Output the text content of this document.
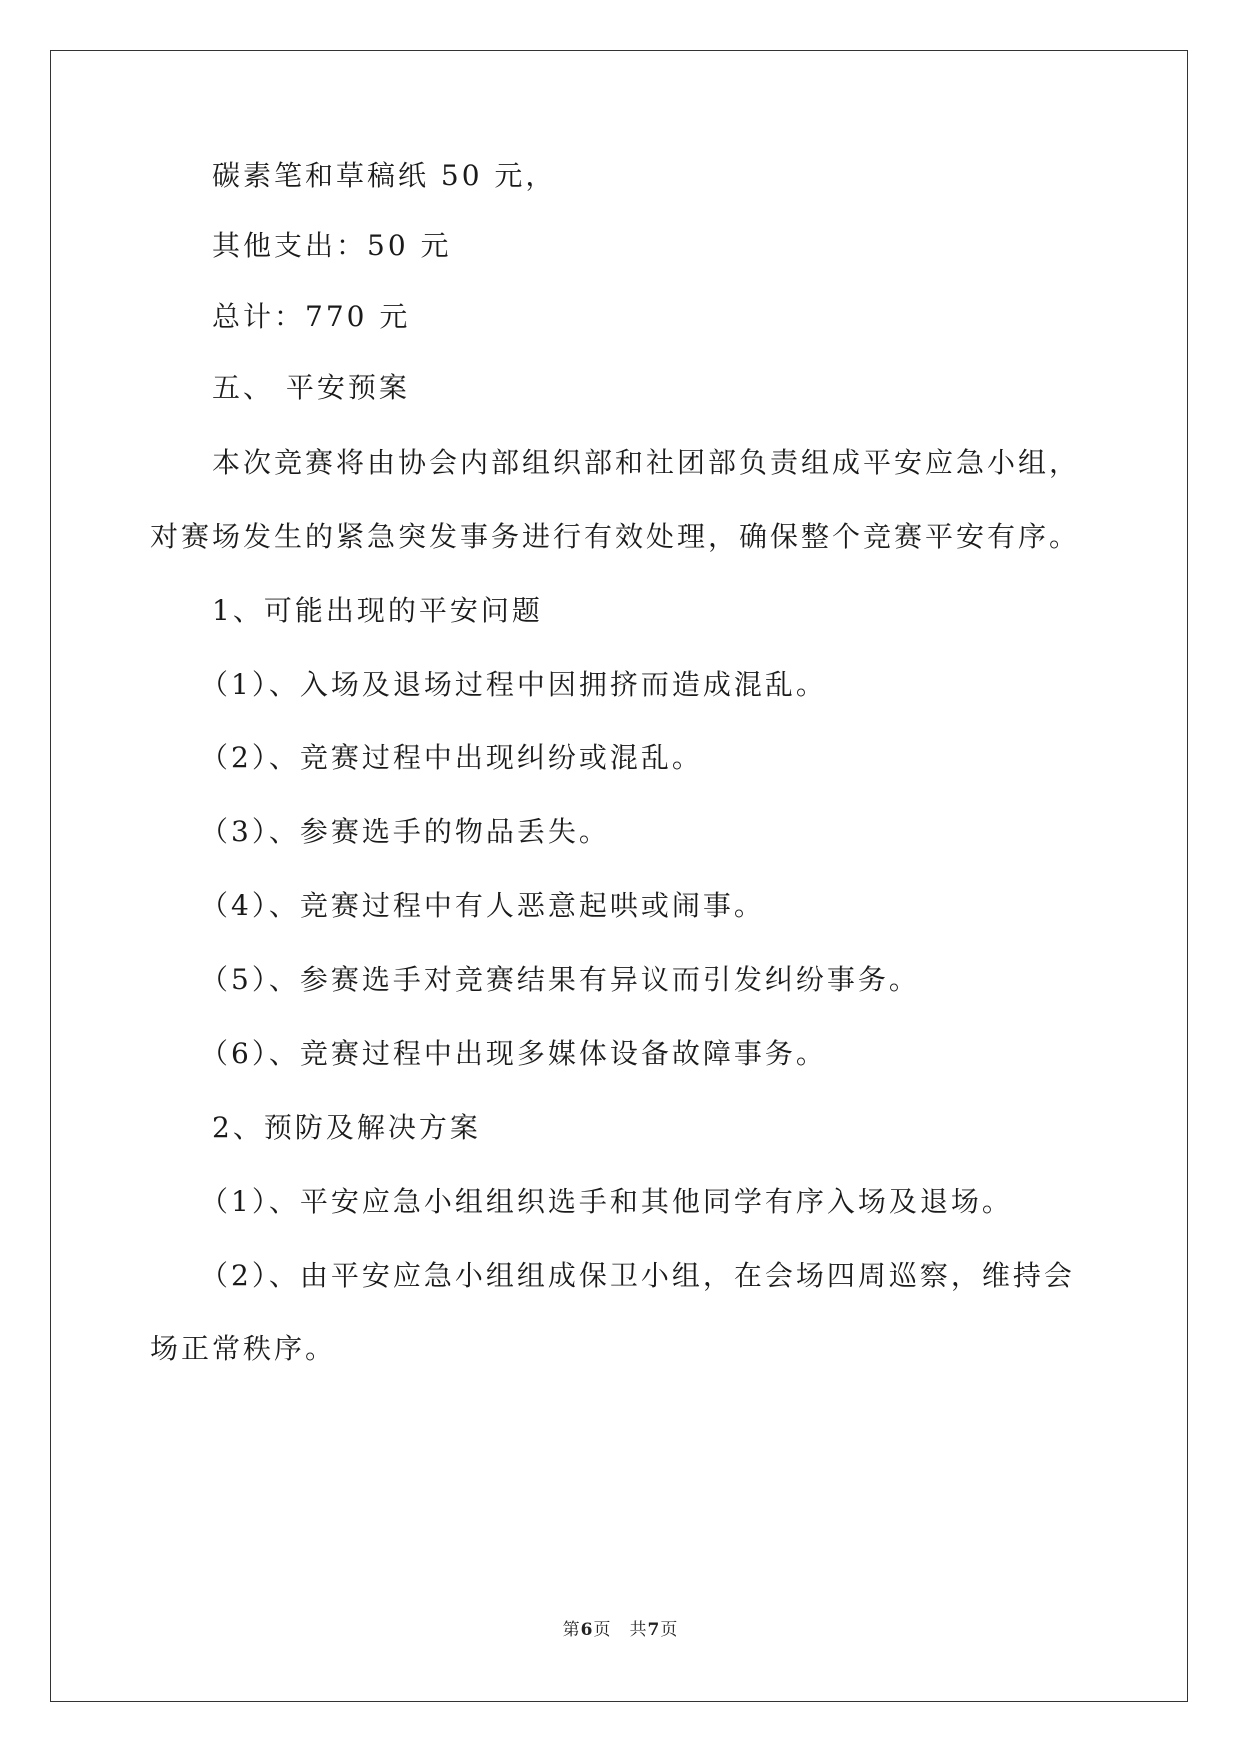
碳素笔和草稿纸 50 元，

其他支出：50 元

总计：770 元

五、 平安预案

本次竞赛将由协会内部组织部和社团部负责组成平安应急小组，

对赛场发生的紧急突发事务进行有效处理，确保整个竞赛平安有序。

1、可能出现的平安问题

（1）、入场及退场过程中因拥挤而造成混乱。

（2）、竞赛过程中出现纠纷或混乱。

（3）、参赛选手的物品丢失。

（4）、竞赛过程中有人恶意起哄或闹事。

（5）、参赛选手对竞赛结果有异议而引发纠纷事务。

（6）、竞赛过程中出现多媒体设备故障事务。

2、预防及解决方案

（1）、平安应急小组组织选手和其他同学有序入场及退场。

（2）、由平安应急小组组成保卫小组，在会场四周巡察，维持会

场正常秩序。

第6页　共7页
